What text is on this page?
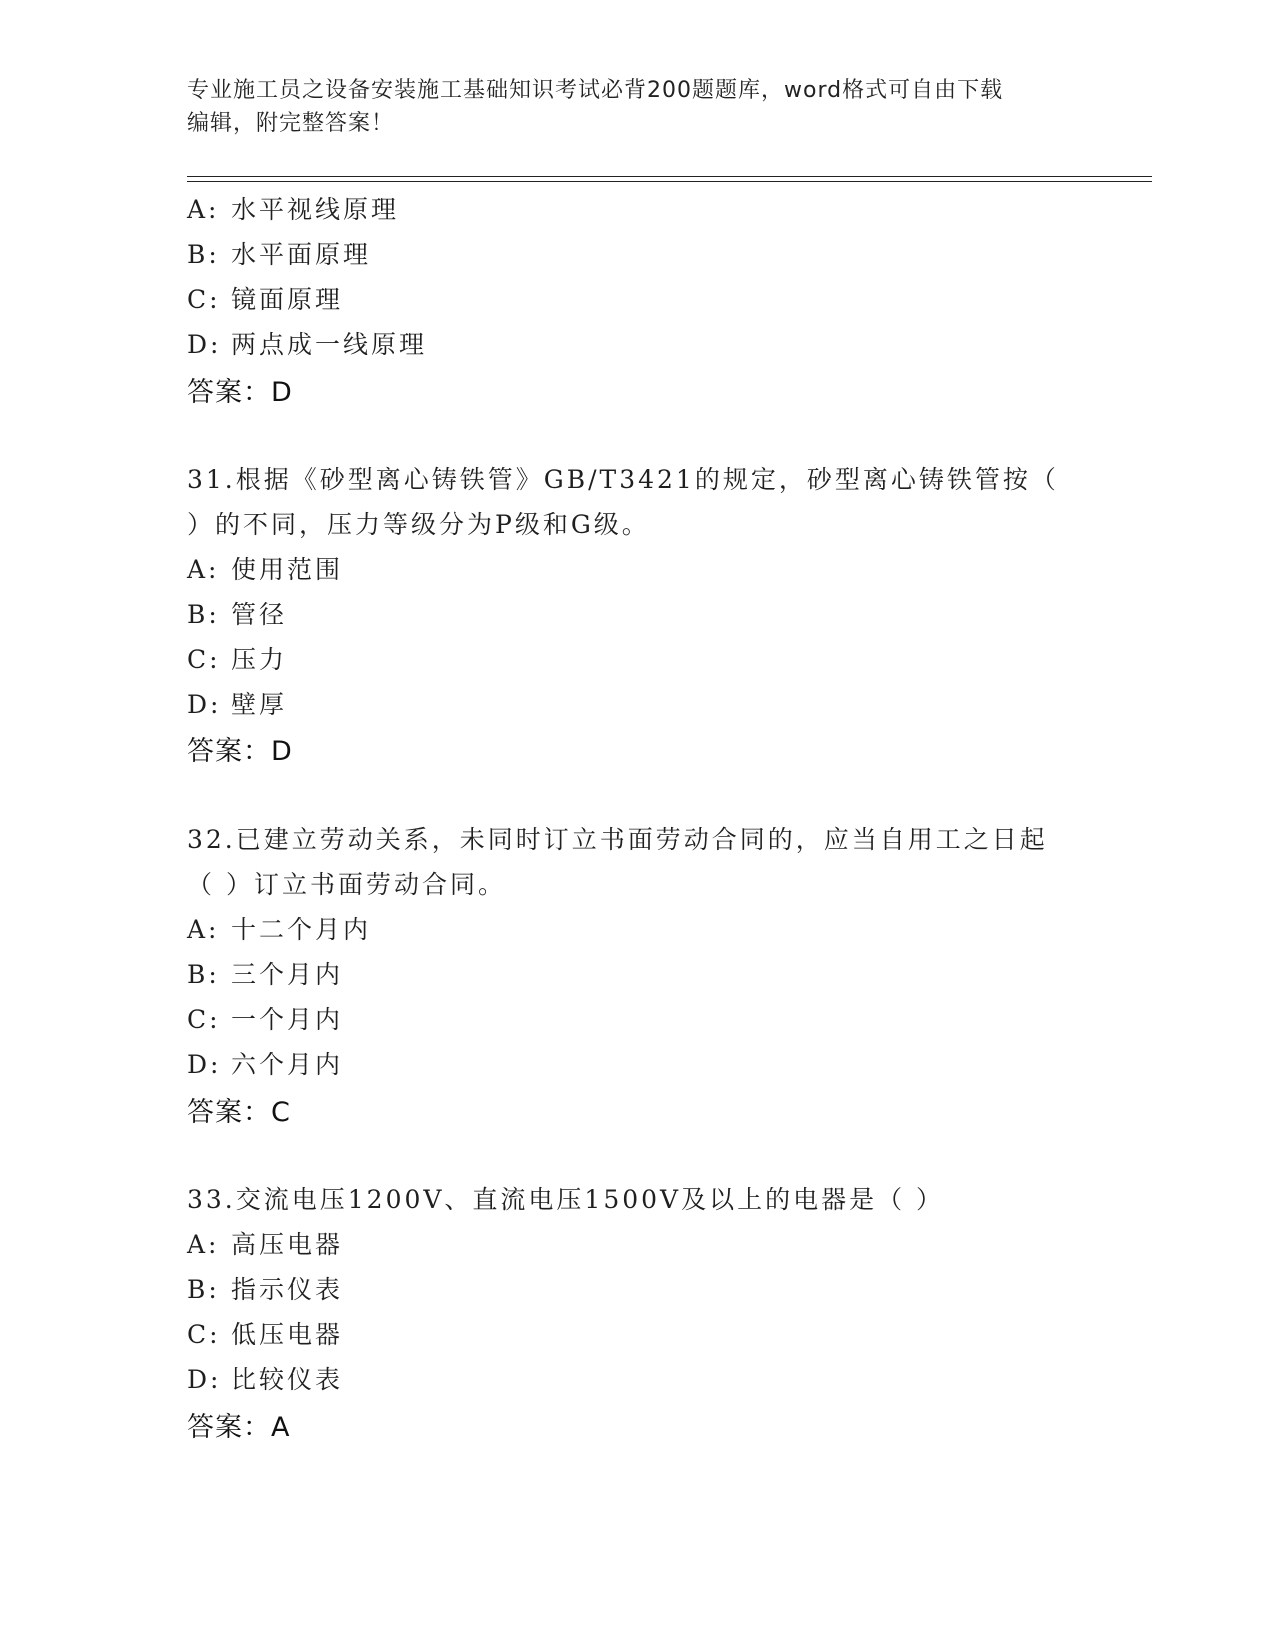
专业施工员之设备安装施工基础知识考试必背200题题库，word格式可自由下载
编辑，附完整答案！
A: 水平视线原理
B: 水平面原理
C: 镜面原理
D: 两点成一线原理
答案：D
31.根据《砂型离心铸铁管》GB/T3421的规定，砂型离心铸铁管按（
）的不同，压力等级分为P级和G级。
A: 使用范围
B: 管径
C: 压力
D: 壁厚
答案：D
32.已建立劳动关系，未同时订立书面劳动合同的，应当自用工之日起
（ ）订立书面劳动合同。
A: 十二个月内
B: 三个月内
C: 一个月内
D: 六个月内
答案：C
33.交流电压1200V、直流电压1500V及以上的电器是（ ）
A: 高压电器
B: 指示仪表
C: 低压电器
D: 比较仪表
答案：A
